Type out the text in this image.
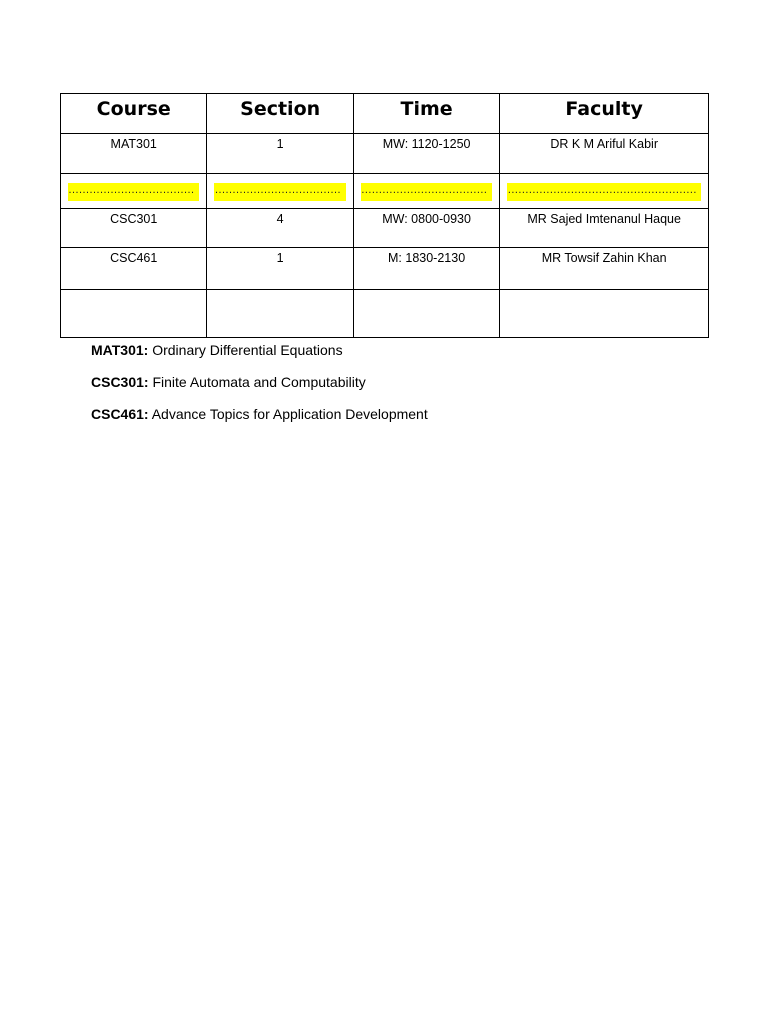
Course	Section	Time	Faculty
MAT301	1	MW: 1120-1250	DR K M Ariful Kabir

………………………………	………………………………	………………………………	………………………………………………

CSC301	4	MW: 0800-0930	MR Sajed Imtenanul Haque
CSC461	1	M: 1830-2130	MR Towsif Zahin Khan

MAT301: Ordinary Differential Equations

CSC301: Finite Automata and Computability

CSC461: Advance Topics for Application Development
